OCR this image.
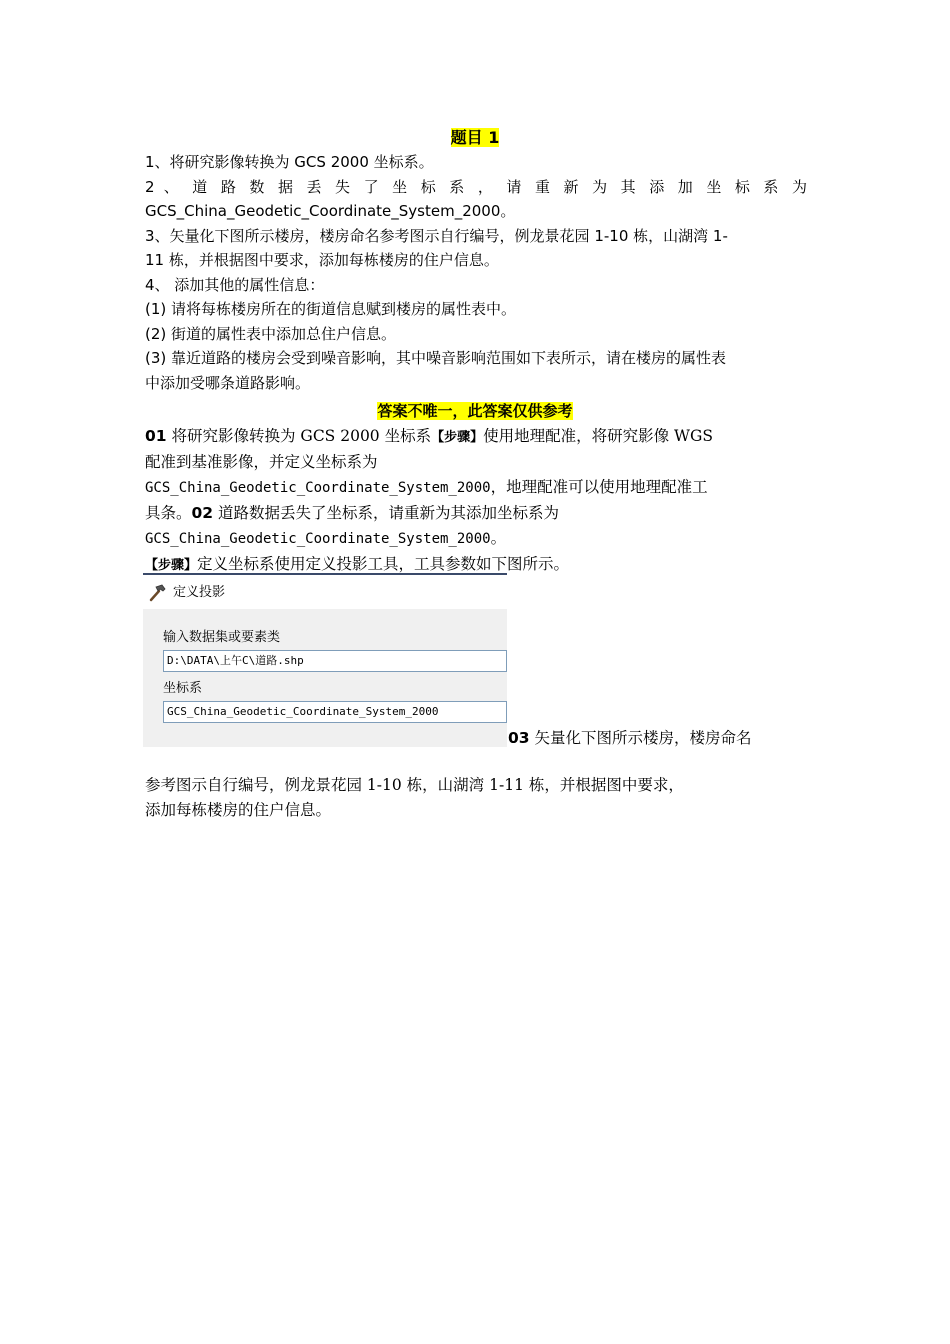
题目 1

1、将研究影像转换为 GCS 2000 坐标系。

2 、 道 路 数 据 丢 失 了 坐 标 系 ， 请 重 新 为 其 添 加 坐 标 系 为

GCS_China_Geodetic_Coordinate_System_2000。

3、矢量化下图所示楼房，楼房命名参考图示自行编号，例龙景花园 1-10 栋，山湖湾 1-

11 栋，并根据图中要求，添加每栋楼房的住户信息。

4、 添加其他的属性信息：

(1) 请将每栋楼房所在的街道信息赋到楼房的属性表中。

(2) 街道的属性表中添加总住户信息。

(3) 靠近道路的楼房会受到噪音影响，其中噪音影响范围如下表所示，请在楼房的属性表

中添加受哪条道路影响。

答案不唯一，此答案仅供参考

01 将研究影像转换为 GCS 2000 坐标系【步骤】使用地理配准，将研究影像 WGS

配准到基准影像，并定义坐标系为

GCS_China_Geodetic_Coordinate_System_2000，地理配准可以使用地理配准工

具条。02 道路数据丢失了坐标系，请重新为其添加坐标系为

GCS_China_Geodetic_Coordinate_System_2000。

【步骤】定义坐标系使用定义投影工具，工具参数如下图所示。

定义投影
输入数据集或要素类
D:\DATA\上午C\道路.shp
坐标系
GCS_China_Geodetic_Coordinate_System_2000
03 矢量化下图所示楼房，楼房命名

参考图示自行编号，例龙景花园 1-10 栋，山湖湾 1-11 栋，并根据图中要求，

添加每栋楼房的住户信息。
